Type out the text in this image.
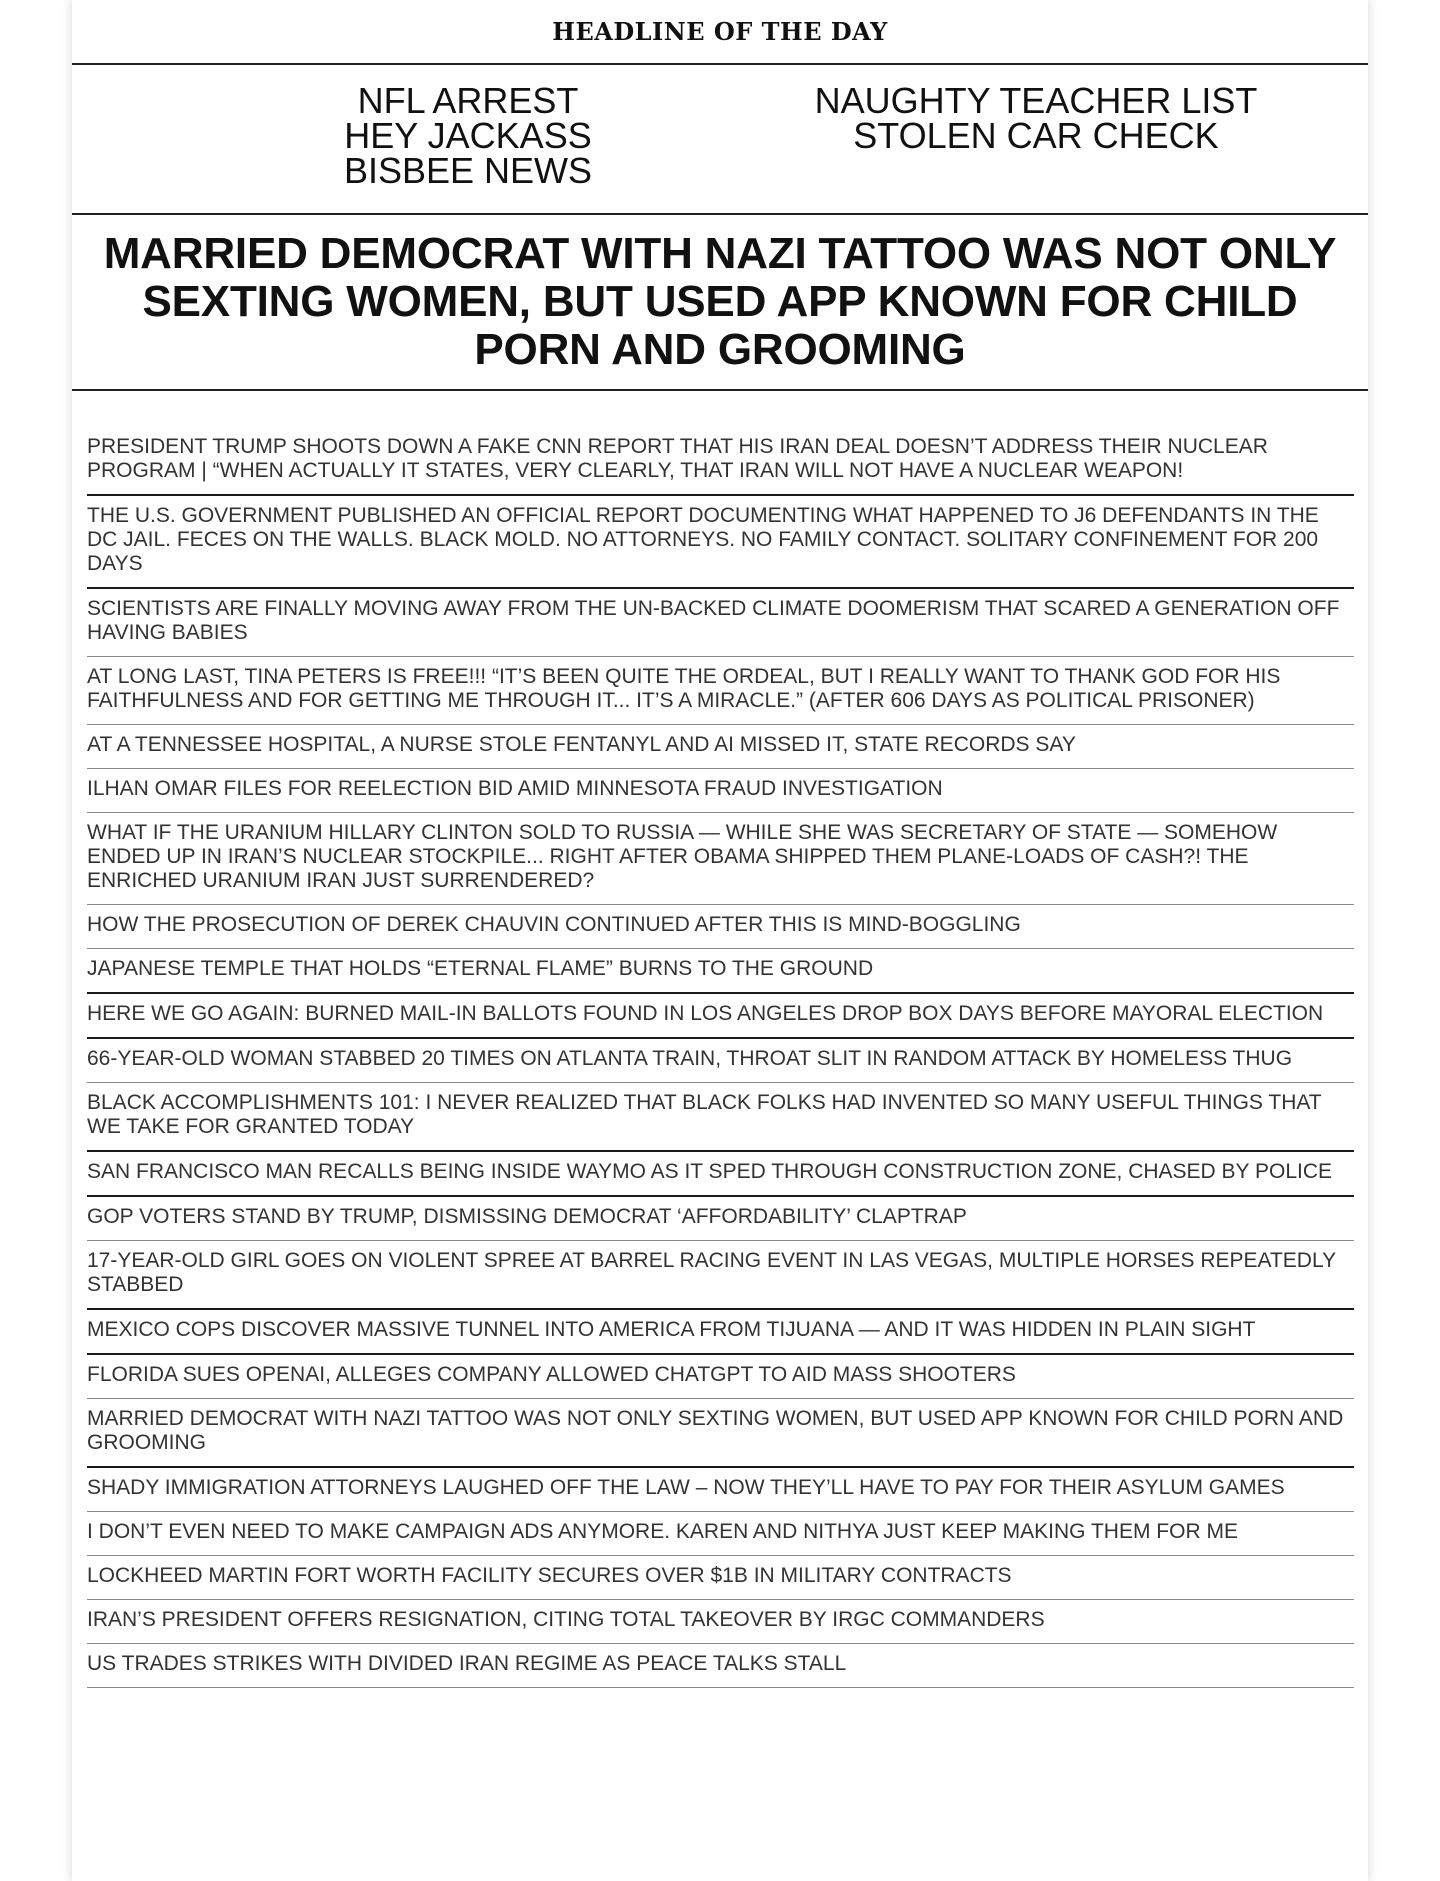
HEADLINE OF THE DAY
NFL ARREST
HEY JACKASS
BISBEE NEWS
NAUGHTY TEACHER LIST
STOLEN CAR CHECK
MARRIED DEMOCRAT WITH NAZI TATTOO WAS NOT ONLY SEXTING WOMEN, BUT USED APP KNOWN FOR CHILD PORN AND GROOMING
PRESIDENT TRUMP SHOOTS DOWN A FAKE CNN REPORT THAT HIS IRAN DEAL DOESN’T ADDRESS THEIR NUCLEAR PROGRAM | “WHEN ACTUALLY IT STATES, VERY CLEARLY, THAT IRAN WILL NOT HAVE A NUCLEAR WEAPON!
THE U.S. GOVERNMENT PUBLISHED AN OFFICIAL REPORT DOCUMENTING WHAT HAPPENED TO J6 DEFENDANTS IN THE DC JAIL. FECES ON THE WALLS. BLACK MOLD. NO ATTORNEYS. NO FAMILY CONTACT. SOLITARY CONFINEMENT FOR 200 DAYS
SCIENTISTS ARE FINALLY MOVING AWAY FROM THE UN-BACKED CLIMATE DOOMERISM THAT SCARED A GENERATION OFF HAVING BABIES
AT LONG LAST, TINA PETERS IS FREE!!! “IT’S BEEN QUITE THE ORDEAL, BUT I REALLY WANT TO THANK GOD FOR HIS FAITHFULNESS AND FOR GETTING ME THROUGH IT... IT’S A MIRACLE.” (AFTER 606 DAYS AS POLITICAL PRISONER)
AT A TENNESSEE HOSPITAL, A NURSE STOLE FENTANYL AND AI MISSED IT, STATE RECORDS SAY
ILHAN OMAR FILES FOR REELECTION BID AMID MINNESOTA FRAUD INVESTIGATION
WHAT IF THE URANIUM HILLARY CLINTON SOLD TO RUSSIA — WHILE SHE WAS SECRETARY OF STATE — SOMEHOW ENDED UP IN IRAN’S NUCLEAR STOCKPILE... RIGHT AFTER OBAMA SHIPPED THEM PLANE-LOADS OF CASH?! THE ENRICHED URANIUM IRAN JUST SURRENDERED?
HOW THE PROSECUTION OF DEREK CHAUVIN CONTINUED AFTER THIS IS MIND-BOGGLING
JAPANESE TEMPLE THAT HOLDS “ETERNAL FLAME” BURNS TO THE GROUND
HERE WE GO AGAIN: BURNED MAIL-IN BALLOTS FOUND IN LOS ANGELES DROP BOX DAYS BEFORE MAYORAL ELECTION
66-YEAR-OLD WOMAN STABBED 20 TIMES ON ATLANTA TRAIN, THROAT SLIT IN RANDOM ATTACK BY HOMELESS THUG
BLACK ACCOMPLISHMENTS 101: I NEVER REALIZED THAT BLACK FOLKS HAD INVENTED SO MANY USEFUL THINGS THAT WE TAKE FOR GRANTED TODAY
SAN FRANCISCO MAN RECALLS BEING INSIDE WAYMO AS IT SPED THROUGH CONSTRUCTION ZONE, CHASED BY POLICE
GOP VOTERS STAND BY TRUMP, DISMISSING DEMOCRAT ‘AFFORDABILITY’ CLAPTRAP
17-YEAR-OLD GIRL GOES ON VIOLENT SPREE AT BARREL RACING EVENT IN LAS VEGAS, MULTIPLE HORSES REPEATEDLY STABBED
MEXICO COPS DISCOVER MASSIVE TUNNEL INTO AMERICA FROM TIJUANA — AND IT WAS HIDDEN IN PLAIN SIGHT
FLORIDA SUES OPENAI, ALLEGES COMPANY ALLOWED CHATGPT TO AID MASS SHOOTERS
MARRIED DEMOCRAT WITH NAZI TATTOO WAS NOT ONLY SEXTING WOMEN, BUT USED APP KNOWN FOR CHILD PORN AND GROOMING
SHADY IMMIGRATION ATTORNEYS LAUGHED OFF THE LAW – NOW THEY’LL HAVE TO PAY FOR THEIR ASYLUM GAMES
I DON’T EVEN NEED TO MAKE CAMPAIGN ADS ANYMORE. KAREN AND NITHYA JUST KEEP MAKING THEM FOR ME
LOCKHEED MARTIN FORT WORTH FACILITY SECURES OVER $1B IN MILITARY CONTRACTS
IRAN’S PRESIDENT OFFERS RESIGNATION, CITING TOTAL TAKEOVER BY IRGC COMMANDERS
US TRADES STRIKES WITH DIVIDED IRAN REGIME AS PEACE TALKS STALL
